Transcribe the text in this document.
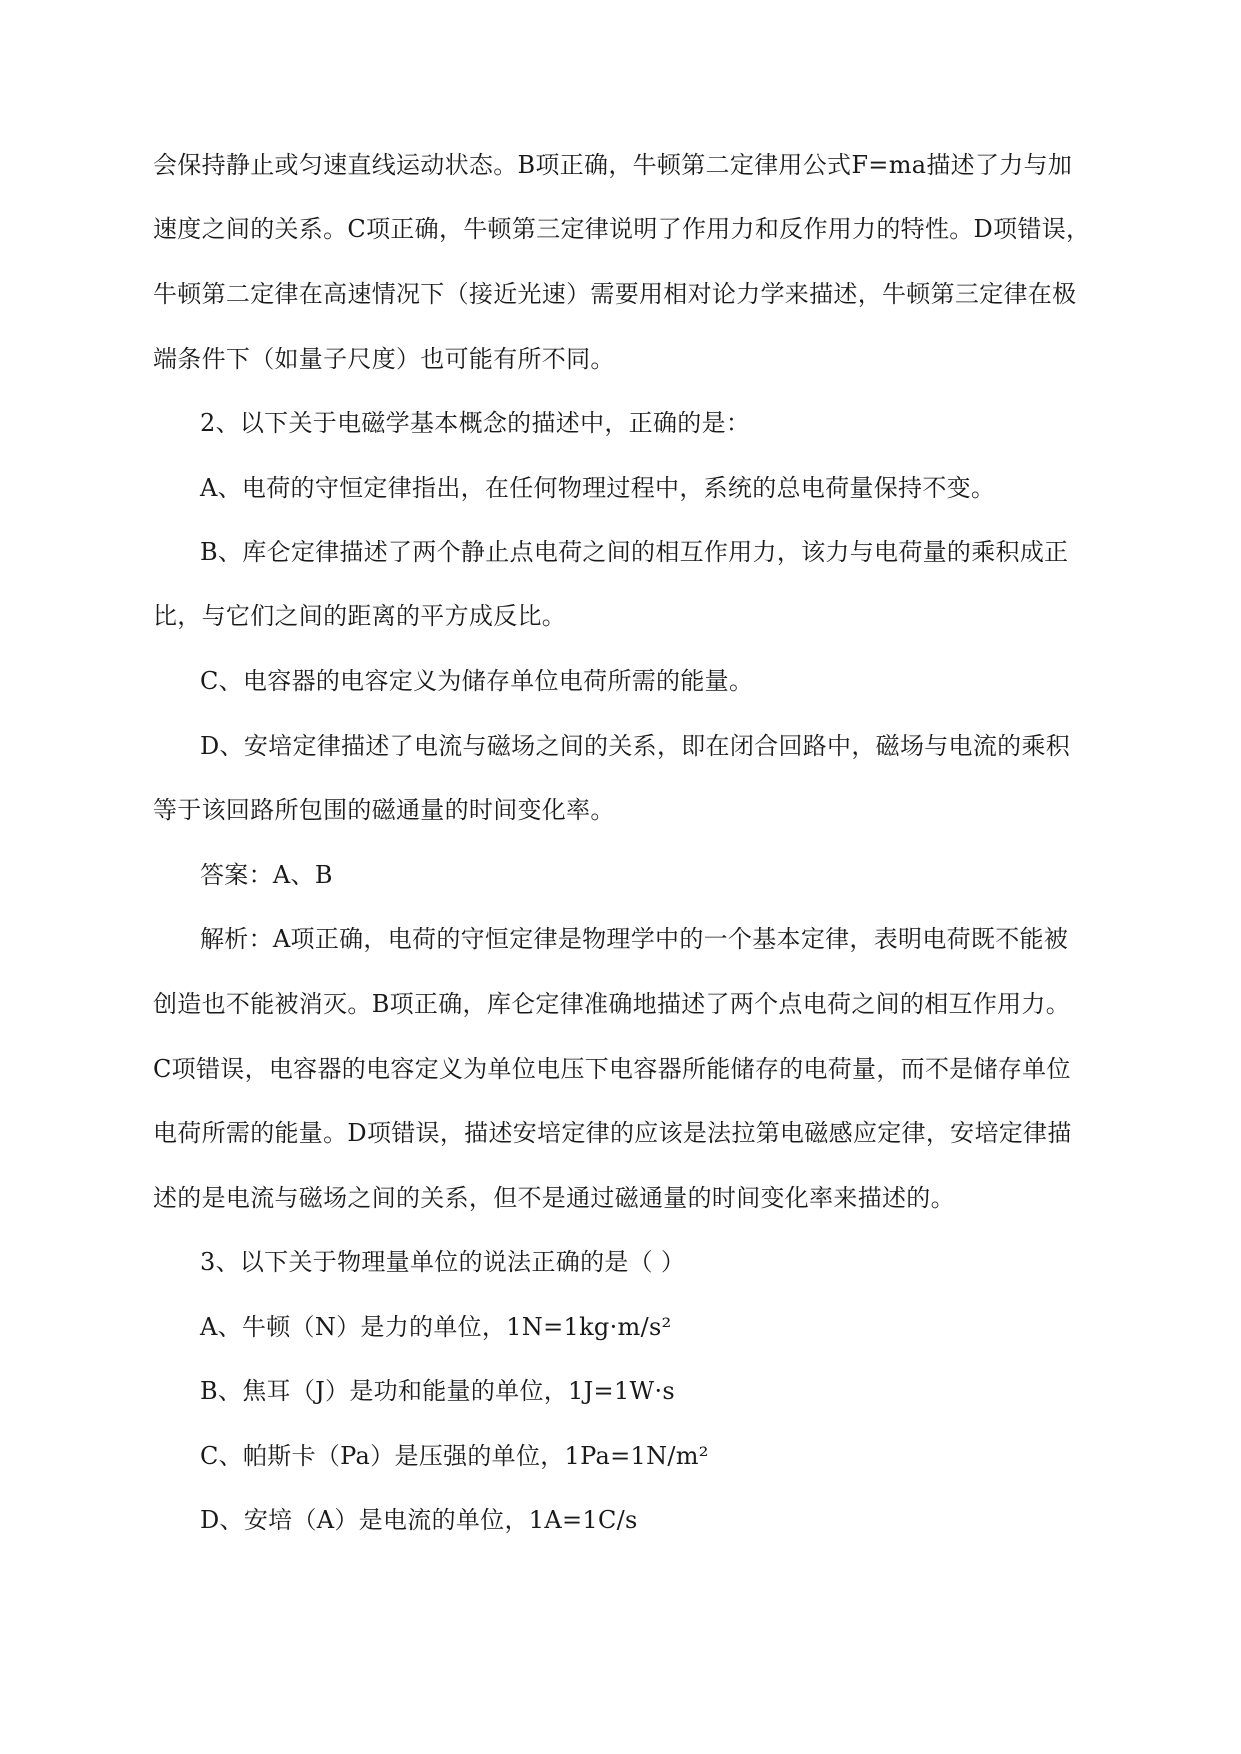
会保持静止或匀速直线运动状态。B项正确，牛顿第二定律用公式F=ma描述了力与加
速度之间的关系。C项正确，牛顿第三定律说明了作用力和反作用力的特性。D项错误，
牛顿第二定律在高速情况下（接近光速）需要用相对论力学来描述，牛顿第三定律在极
端条件下（如量子尺度）也可能有所不同。
2、以下关于电磁学基本概念的描述中，正确的是：
A、电荷的守恒定律指出，在任何物理过程中，系统的总电荷量保持不变。
B、库仑定律描述了两个静止点电荷之间的相互作用力，该力与电荷量的乘积成正
比，与它们之间的距离的平方成反比。
C、电容器的电容定义为储存单位电荷所需的能量。
D、安培定律描述了电流与磁场之间的关系，即在闭合回路中，磁场与电流的乘积
等于该回路所包围的磁通量的时间变化率。
答案：A、B
解析：A项正确，电荷的守恒定律是物理学中的一个基本定律，表明电荷既不能被
创造也不能被消灭。B项正确，库仑定律准确地描述了两个点电荷之间的相互作用力。
C项错误，电容器的电容定义为单位电压下电容器所能储存的电荷量，而不是储存单位
电荷所需的能量。D项错误，描述安培定律的应该是法拉第电磁感应定律，安培定律描
述的是电流与磁场之间的关系，但不是通过磁通量的时间变化率来描述的。
3、以下关于物理量单位的说法正确的是（ ）
A、牛顿（N）是力的单位，1N=1kg·m/s²
B、焦耳（J）是功和能量的单位，1J=1W·s
C、帕斯卡（Pa）是压强的单位，1Pa=1N/m²
D、安培（A）是电流的单位，1A=1C/s
